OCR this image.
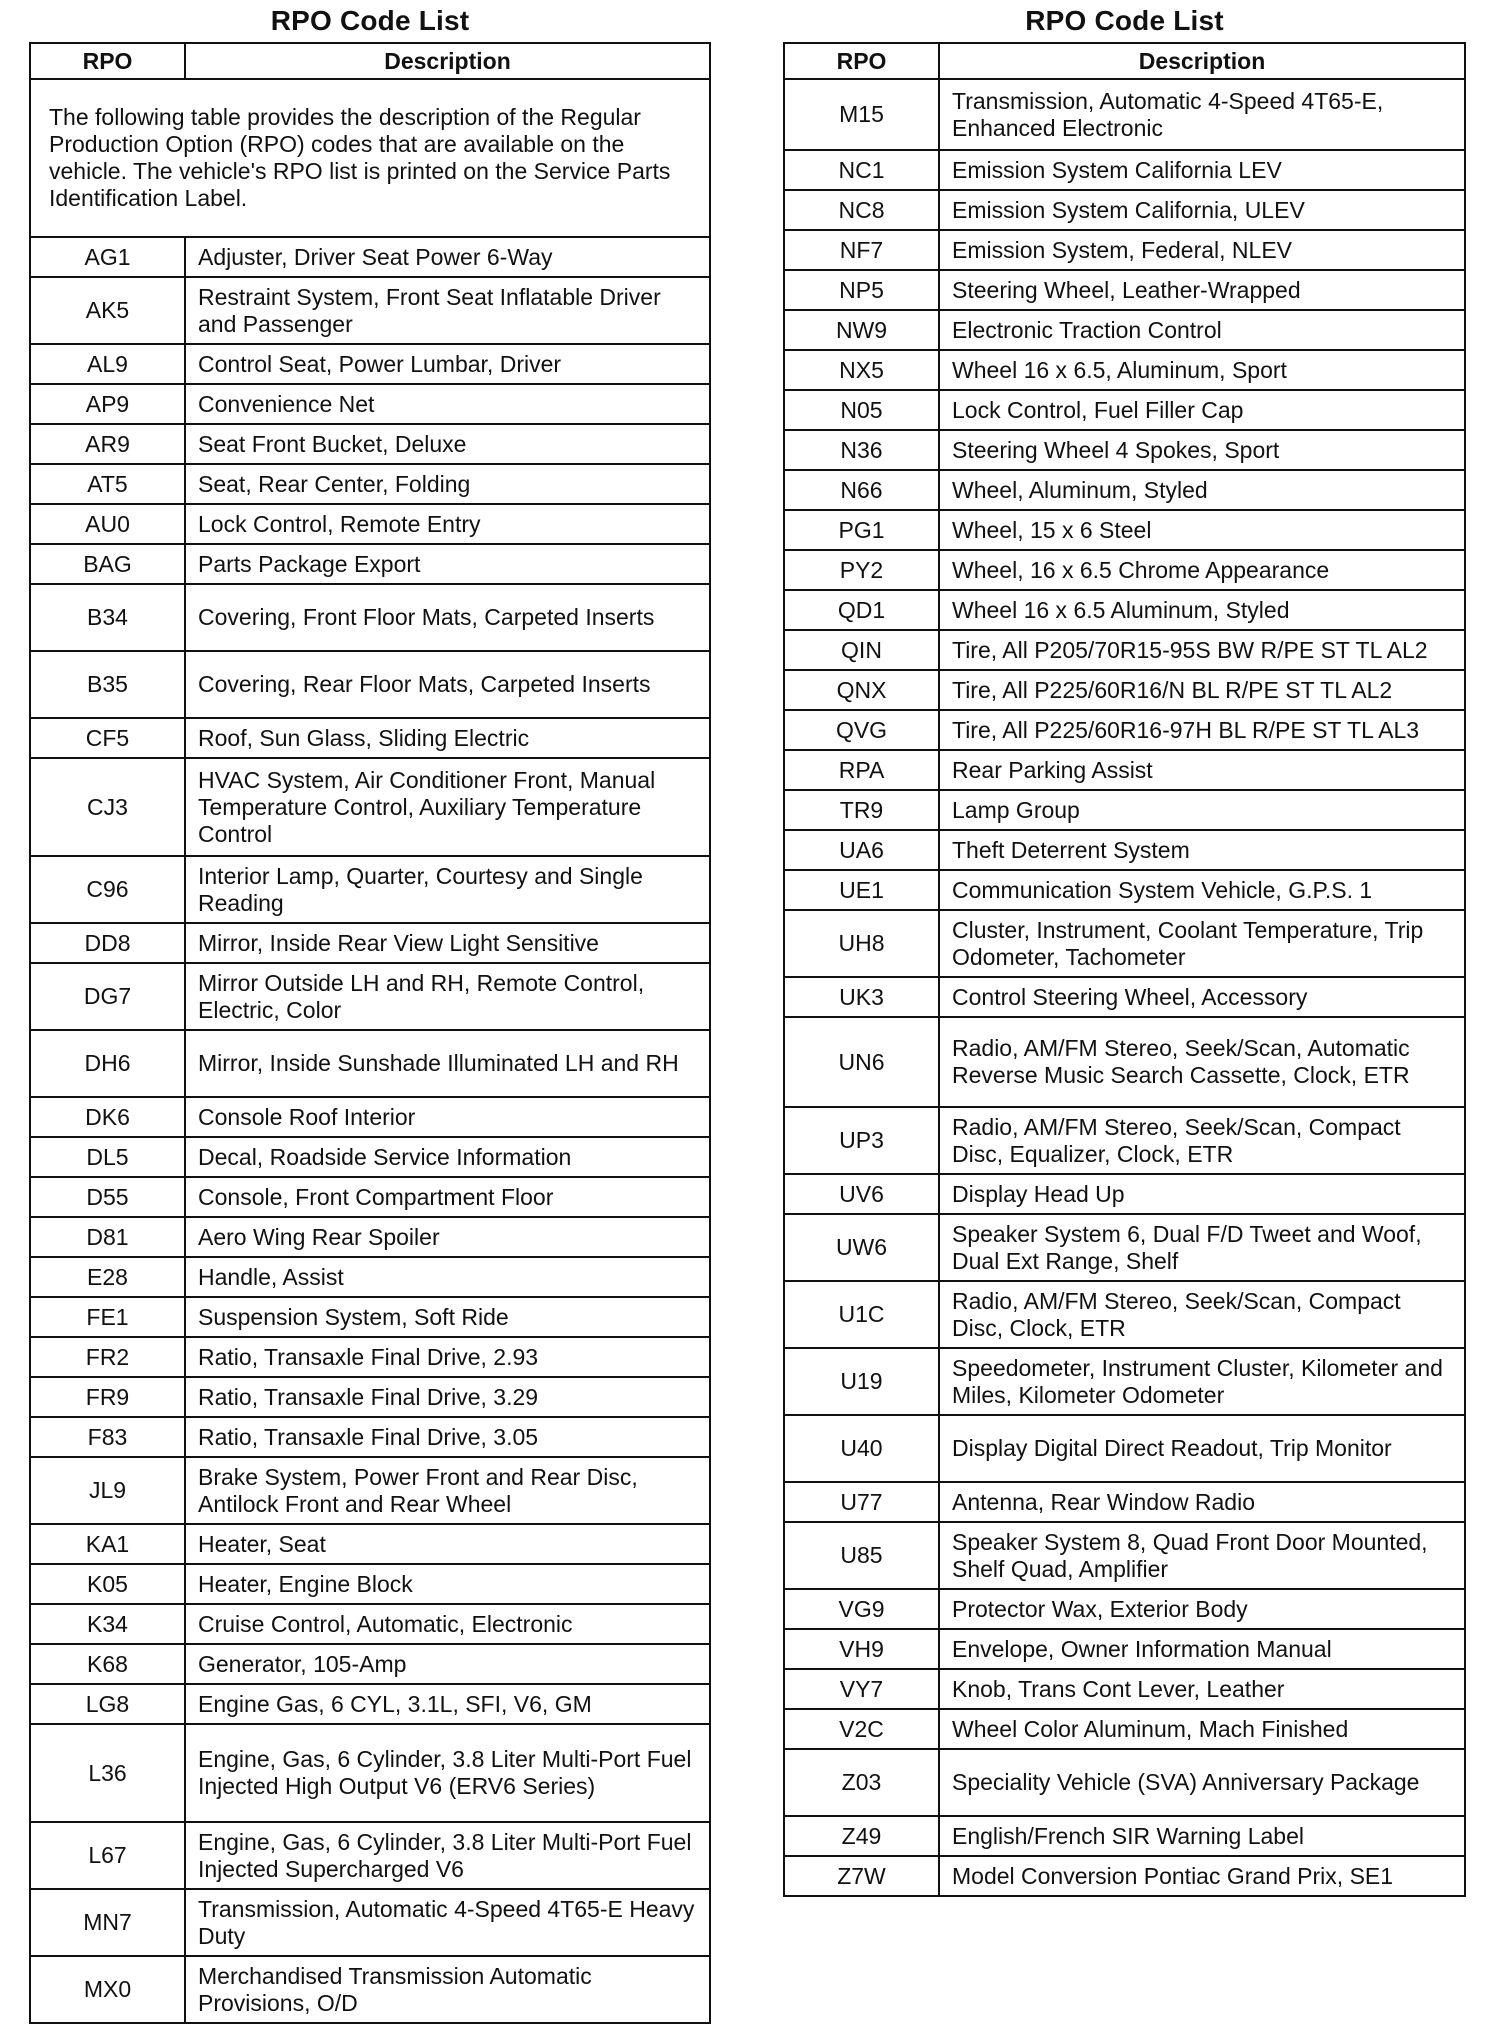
RPO Code List
RPO	Description
The following table provides the description of the Regular Production Option (RPO) codes that are available on the vehicle. The vehicle's RPO list is printed on the Service Parts Identification Label.	
AG1	Adjuster, Driver Seat Power 6-Way
AK5	Restraint System, Front Seat Inflatable Driver and Passenger
AL9	Control Seat, Power Lumbar, Driver
AP9	Convenience Net
AR9	Seat Front Bucket, Deluxe
AT5	Seat, Rear Center, Folding
AU0	Lock Control, Remote Entry
BAG	Parts Package Export
B34	Covering, Front Floor Mats, Carpeted Inserts
B35	Covering, Rear Floor Mats, Carpeted Inserts
CF5	Roof, Sun Glass, Sliding Electric
CJ3	HVAC System, Air Conditioner Front, Manual Temperature Control, Auxiliary Temperature Control
C96	Interior Lamp, Quarter, Courtesy and Single Reading
DD8	Mirror, Inside Rear View Light Sensitive
DG7	Mirror Outside LH and RH, Remote Control, Electric, Color
DH6	Mirror, Inside Sunshade Illuminated LH and RH
DK6	Console Roof Interior
DL5	Decal, Roadside Service Information
D55	Console, Front Compartment Floor
D81	Aero Wing Rear Spoiler
E28	Handle, Assist
FE1	Suspension System, Soft Ride
FR2	Ratio, Transaxle Final Drive, 2.93
FR9	Ratio, Transaxle Final Drive, 3.29
F83	Ratio, Transaxle Final Drive, 3.05
JL9	Brake System, Power Front and Rear Disc, Antilock Front and Rear Wheel
KA1	Heater, Seat
K05	Heater, Engine Block
K34	Cruise Control, Automatic, Electronic
K68	Generator, 105-Amp
LG8	Engine Gas, 6 CYL, 3.1L, SFI, V6, GM
L36	Engine, Gas, 6 Cylinder, 3.8 Liter Multi-Port Fuel Injected High Output V6 (ERV6 Series)
L67	Engine, Gas, 6 Cylinder, 3.8 Liter Multi-Port Fuel Injected Supercharged V6
MN7	Transmission, Automatic 4-Speed 4T65-E Heavy Duty
MX0	Merchandised Transmission Automatic Provisions, O/D
RPO Code List
RPO	Description
M15	Transmission, Automatic 4-Speed 4T65-E, Enhanced Electronic
NC1	Emission System California LEV
NC8	Emission System California, ULEV
NF7	Emission System, Federal, NLEV
NP5	Steering Wheel, Leather-Wrapped
NW9	Electronic Traction Control
NX5	Wheel 16 x 6.5, Aluminum, Sport
N05	Lock Control, Fuel Filler Cap
N36	Steering Wheel 4 Spokes, Sport
N66	Wheel, Aluminum, Styled
PG1	Wheel, 15 x 6 Steel
PY2	Wheel, 16 x 6.5 Chrome Appearance
QD1	Wheel 16 x 6.5 Aluminum, Styled
QIN	Tire, All P205/70R15-95S BW R/PE ST TL AL2
QNX	Tire, All P225/60R16/N BL R/PE ST TL AL2
QVG	Tire, All P225/60R16-97H BL R/PE ST TL AL3
RPA	Rear Parking Assist
TR9	Lamp Group
UA6	Theft Deterrent System
UE1	Communication System Vehicle, G.P.S. 1
UH8	Cluster, Instrument, Coolant Temperature, Trip Odometer, Tachometer
UK3	Control Steering Wheel, Accessory
UN6	Radio, AM/FM Stereo, Seek/Scan, Automatic Reverse Music Search Cassette, Clock, ETR
UP3	Radio, AM/FM Stereo, Seek/Scan, Compact Disc, Equalizer, Clock, ETR
UV6	Display Head Up
UW6	Speaker System 6, Dual F/D Tweet and Woof, Dual Ext Range, Shelf
U1C	Radio, AM/FM Stereo, Seek/Scan, Compact Disc, Clock, ETR
U19	Speedometer, Instrument Cluster, Kilometer and Miles, Kilometer Odometer
U40	Display Digital Direct Readout, Trip Monitor
U77	Antenna, Rear Window Radio
U85	Speaker System 8, Quad Front Door Mounted, Shelf Quad, Amplifier
VG9	Protector Wax, Exterior Body
VH9	Envelope, Owner Information Manual
VY7	Knob, Trans Cont Lever, Leather
V2C	Wheel Color Aluminum, Mach Finished
Z03	Speciality Vehicle (SVA) Anniversary Package
Z49	English/French SIR Warning Label
Z7W	Model Conversion Pontiac Grand Prix, SE1
